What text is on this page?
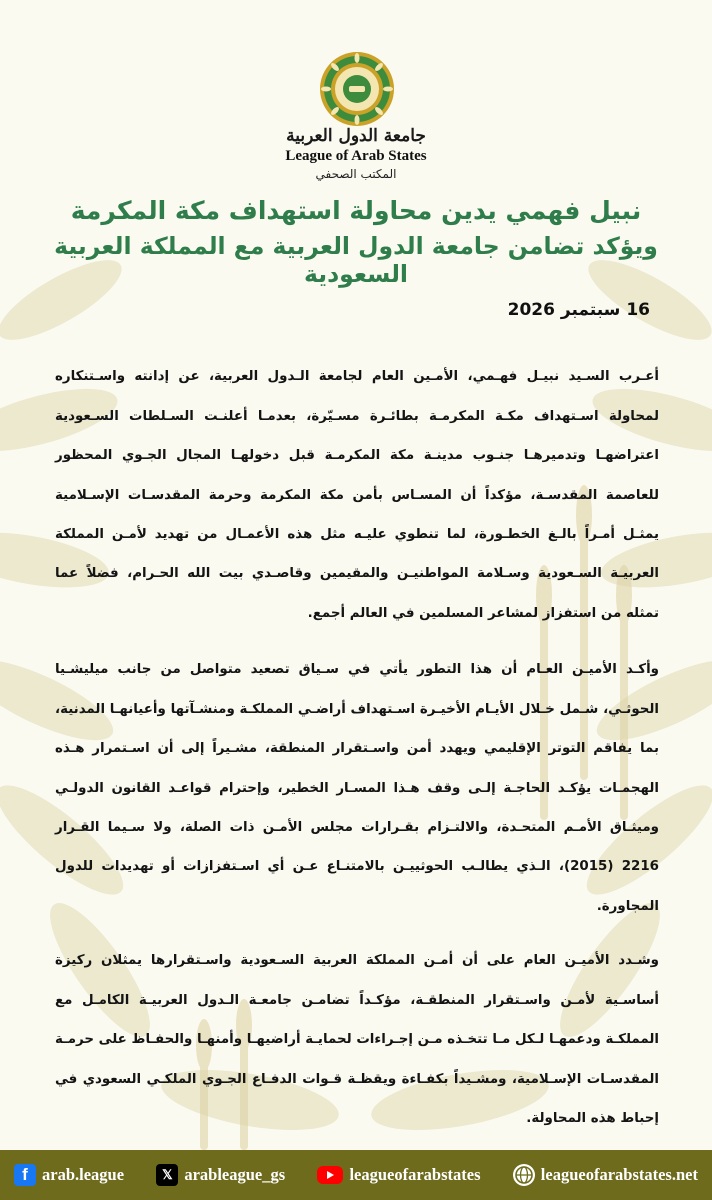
جامعة الدول العربية
League of Arab States
المكتب الصحفي
نبيل فهمي يدين محاولة استهداف مكة المكرمة
ويؤكد تضامن جامعة الدول العربية مع المملكة العربية السعودية
16 سبتمبر 2026

أعـرب السـيد نبيـل فهـمي، الأمـين العام لجامعة الـدول العربية، عن إدانته واسـتنكاره لمحاولة اسـتهداف مكـة المكرمـة بطائـرة مسـيّرة، بعدمـا أعلنـت السـلطات السـعودية اعتراضهـا وتدميرهـا جنـوب مدينـة مكة المكرمـة قبل دخولهـا المجال الجـوي المحظور للعاصمة المقدسـة، مؤكداً أن المسـاس بأمن مكة المكرمة وحرمة المقدسـات الإسـلامية يمثـل أمـراً بالـغ الخطـورة، لما تنطوي عليـه مثل هذه الأعمـال من تهديد لأمـن المملكة العربيـة السـعودية وسـلامة المواطنيـن والمقيمين وقاصـدي بيت الله الحـرام، فضلاً عما تمثله من استفزاز لمشاعر المسلمين في العالم أجمع.

وأكـد الأميـن العـام أن هذا التطور يأتي في سـياق تصعيد متواصل من جانب ميليشـيا الحوثـي، شـمل خـلال الأيـام الأخيـرة اسـتهداف أراضـي المملكـة ومنشـآتها وأعيانهـا المدنية، بما يفاقم التوتر الإقليمي ويهدد أمن واسـتقرار المنطقة، مشـيراً إلى أن اسـتمرار هـذه الهجمـات يؤكـد الحاجـة إلـى وقف هـذا المسـار الخطير، وإحترام قواعـد القانون الدولـي وميثـاق الأمـم المتحـدة، والالتـزام بقـرارات مجلس الأمـن ذات الصلة، ولا سـيما القـرار 2216 (2015)، الـذي يطالـب الحوثييـن بالامتنـاع عـن أي اسـتفزازات أو تهديدات للدول المجاورة.

وشـدد الأميـن العام على أن أمـن المملكة العربية السـعودية واسـتقرارها يمثلان ركيزة أساسـية لأمـن واسـتقرار المنطقـة، مؤكـداً تضامـن جامعـة الـدول العربيـة الكامـل مع المملكـة ودعمهـا لـكل مـا تتخـذه مـن إجـراءات لحمايـة أراضيهـا وأمنهـا والحفـاظ على حرمـة المقدسـات الإسـلامية، ومشـيداً بكفـاءة ويقظـة قـوات الدفـاع الجـوي الملكـي السعودي في إحباط هذه المحاولة.

f arab.league	𝕏 arableague_gs	leagueofarabstates	leagueofarabstates.net
